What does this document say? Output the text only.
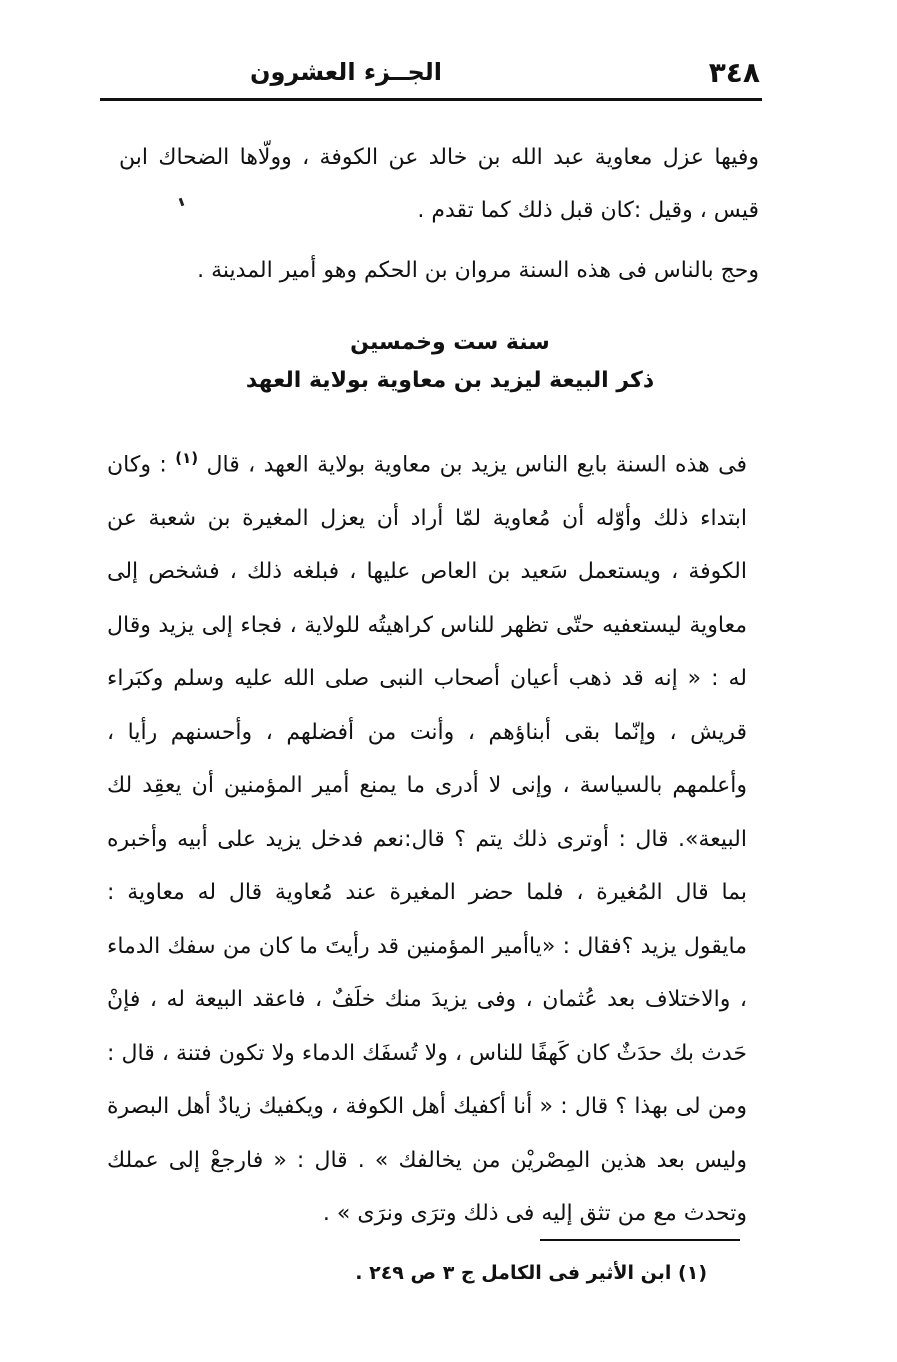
٣٤٨
الجــزء العشرون

وفيها عزل معاوية عبد الله بن خالد عن الكوفة ، وولّاها الضحاك ابن قيس ، وقيل :كان قبل ذلك كما تقدم .

وحج بالناس فى هذه السنة مروان بن الحكم وهو أمير المدينة .

سنة ست وخمسين
ذكر البيعة ليزيد بن معاوية بولاية العهد

فى هذه السنة بايع الناس يزيد بن معاوية بولاية العهد ، قال $^{(١)}$ : وكان ابتداء ذلك وأوّله أن مُعاوية لمّا أراد أن يعزل المغيرة بن شعبة عن الكوفة ، ويستعمل سَعيد بن العاص عليها ، فبلغه ذلك ، فشخص إلى معاوية ليستعفيه حتّى تظهر للناس كراهيتُه للولاية ، فجاء إلى يزيد وقال له : « إنه قد ذهب أعيان أصحاب النبى صلى الله عليه وسلم وكبَراء قريش ، وإنّما بقى أبناؤهم ، وأنت من أفضلهم ، وأحسنهم رأيا ، وأعلمهم بالسياسة ، وإنى لا أدرى ما يمنع أمير المؤمنين أن يعقِد لك البيعة». قال : أوترى ذلك يتم ؟ قال:نعم فدخل يزيد على أبيه وأخبره بما قال المُغيرة ، فلما حضر المغيرة عند مُعاوية قال له معاوية : مايقول يزيد ؟فقال : «ياأمير المؤمنين قد رأيتَ ما كان من سفك الدماء ، والاختلاف بعد عُثمان ، وفى يزيدَ منك خلَفٌ ، فاعقد البيعة له ، فإنْ حَدث بك حدَثٌ كان كَهفًا للناس ، ولا تُسفَك الدماء ولا تكون فتنة ، قال : ومن لى بهذا ؟ قال : « أنا أكفيك أهل الكوفة ، ويكفيك زيادٌ أهل البصرة وليس بعد هذين المِصْريْن من يخالفك » . قال : « فارجعْ إلى عملك وتحدث مع من تثق إليه فى ذلك وترَى ونرَى » .

(١) ابن الأثير فى الكامل ج ٣ ص ٢٤٩ .
